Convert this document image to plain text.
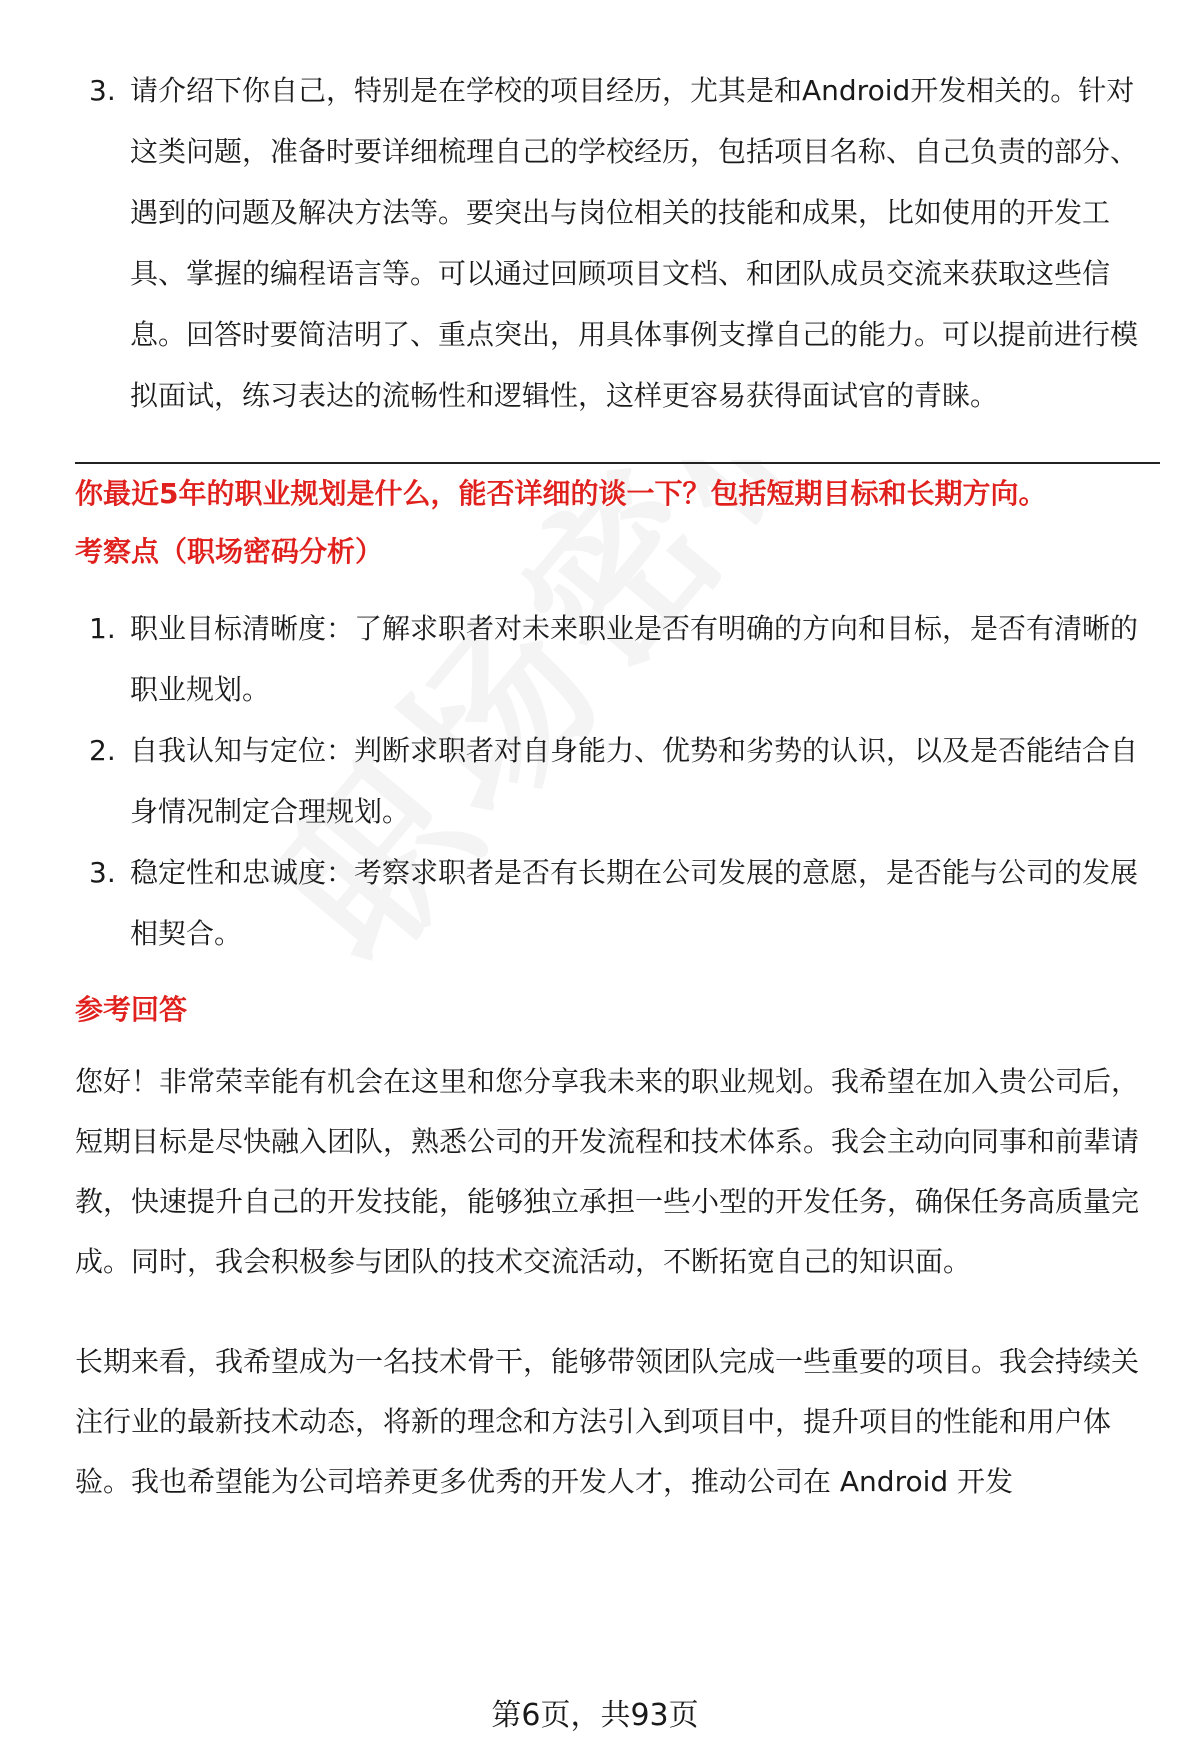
3. 请介绍下你自己，特别是在学校的项目经历，尤其是和Android开发相关的。针对这类问题，准备时要详细梳理自己的学校经历，包括项目名称、自己负责的部分、遇到的问题及解决方法等。要突出与岗位相关的技能和成果，比如使用的开发工具、掌握的编程语言等。可以通过回顾项目文档、和团队成员交流来获取这些信息。回答时要简洁明了、重点突出，用具体事例支撑自己的能力。可以提前进行模拟面试，练习表达的流畅性和逻辑性，这样更容易获得面试官的青睐。
你最近5年的职业规划是什么，能否详细的谈一下？包括短期目标和长期方向。
考察点（职场密码分析）
1. 职业目标清晰度：了解求职者对未来职业是否有明确的方向和目标，是否有清晰的职业规划。
2. 自我认知与定位：判断求职者对自身能力、优势和劣势的认识，以及是否能结合自身情况制定合理规划。
3. 稳定性和忠诚度：考察求职者是否有长期在公司发展的意愿，是否能与公司的发展相契合。
参考回答

您好！非常荣幸能有机会在这里和您分享我未来的职业规划。我希望在加入贵公司后，短期目标是尽快融入团队，熟悉公司的开发流程和技术体系。我会主动向同事和前辈请教，快速提升自己的开发技能，能够独立承担一些小型的开发任务，确保任务高质量完成。同时，我会积极参与团队的技术交流活动，不断拓宽自己的知识面。

长期来看，我希望成为一名技术骨干，能够带领团队完成一些重要的项目。我会持续关注行业的最新技术动态，将新的理念和方法引入到项目中，提升项目的性能和用户体验。我也希望能为公司培养更多优秀的开发人才，推动公司在 Android 开发

第6页，共93页
